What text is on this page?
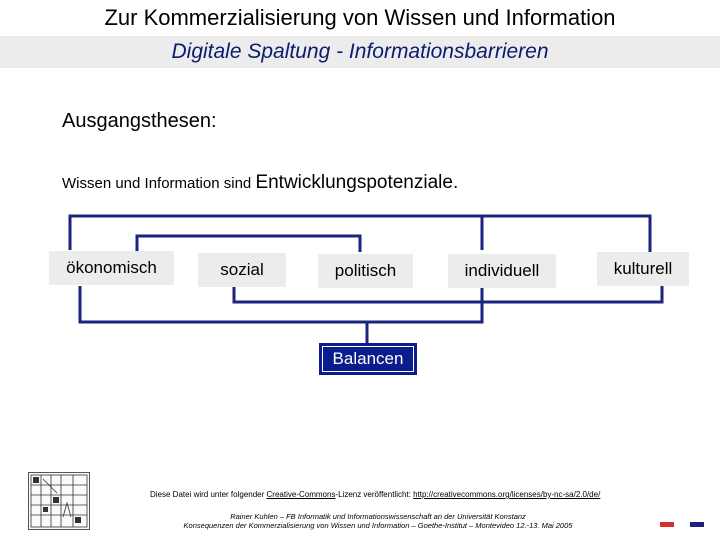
Zur Kommerzialisierung von Wissen und Information
Digitale Spaltung - Informationsbarrieren
Ausgangsthesen:
Wissen und Information sind Entwicklungspotenziale.
ökonomisch	sozial	politisch	individuell	kulturell
Balancen
Diese Datei wird unter folgender Creative-Commons-Lizenz veröffentlicht: http://creativecommons.org/licenses/by-nc-sa/2.0/de/
Rainer Kuhlen – FB Informatik und Informationswissenschaft an der Universität Konstanz
Konsequenzen der Kommerzialisierung von Wissen und Information – Goethe-Institut – Montevideo 12.-13. Mai 2005
